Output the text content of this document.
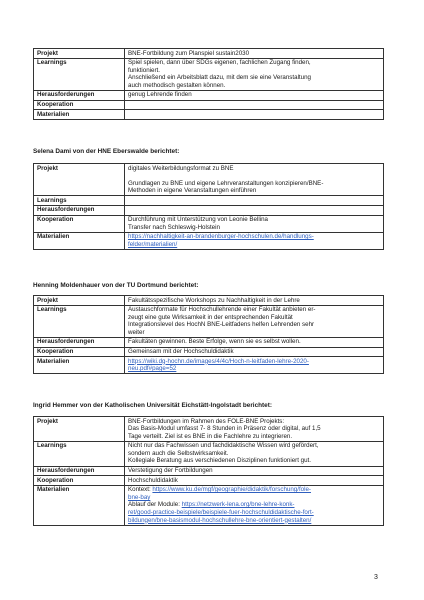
Projekt	BNE-Fortbildung zum Planspiel sustain2030

Learnings	Spiel spielen, dann über SDGs eigenen, fachlichen Zugang finden,
funktioniert.
Anschließend ein Arbeitsblatt dazu, mit dem sie eine Veranstaltung
auch methodisch gestalten können.

Herausforderungen	genug Lehrende finden

Kooperation	

Materialien	
Selena Dami von der HNE Eberswalde berichtet:
Projekt	digitales Weiterbildungsformat zu BNE
Grundlagen zu BNE und eigene Lehrveranstaltungen konzipieren/BNE-
Methoden in eigene Veranstaltungen einführen

Learnings	

Herausforderungen	

Kooperation	Durchführung mit Unterstützung von Leonie Bellina
Transfer nach Schleswig-Holstein

Materialien	https://nachhaltigkeit-an-brandenburger-hochschulen.de/handlungs-
felder/materialien/
Henning Moldenhauer von der TU Dortmund berichtet:
Projekt	Fakultätsspezifische Workshops zu Nachhaltigkeit in der Lehre

Learnings	Austauschformate für Hochschullehrende einer Fakultät anbieten er-
zeugt eine gute Wirksamkeit in der entsprechenden Fakultät
Integrationslevel des HochN BNE-Leitfadens helfen Lehrenden sehr
weiter

Herausforderungen	Fakultäten gewinnen. Beste Erfolge, wenn sie es selbst wollen.

Kooperation	Gemeinsam mit der Hochschuldidaktik

Materialien	https://wiki.dg-hochn.de/images/4/4c/Hoch-n-leitfaden-lehre-2020-
neu.pdf#page=52
Ingrid Hemmer von der Katholischen Universität Eichstätt-Ingolstadt berichtet:
Projekt	BNE-Fortbildungen im Rahmen des FOLE-BNE Projekts:
Das Basis-Modul umfasst 7- 8 Stunden in Präsenz oder digital, auf 1,5
Tage verteilt. Ziel ist es BNE in die Fachlehre zu integrieren.

Learnings	Nicht nur das Fachwissen und fachdidaktische Wissen wird gefördert,
sondern auch die Selbstwirksamkeit.
Kollegiale Beratung aus verschiedenen Disziplinen funktioniert gut.

Herausforderungen	Verstetigung der Fortbildungen

Kooperation	Hochschuldidaktik

Materialien	Kontext: https://www.ku.de/mgf/geographie/didaktik/forschung/fole-
bne-bay
Ablauf der Module: https://netzwerk-lena.org/bne-lehre-konk-
ret/good-practice-beispiele/beispiele-fuer-hochschuldidaktische-fort-
bildungen/bne-basismodul-hochschullehre-bne-orientiert-gestalten/
3
